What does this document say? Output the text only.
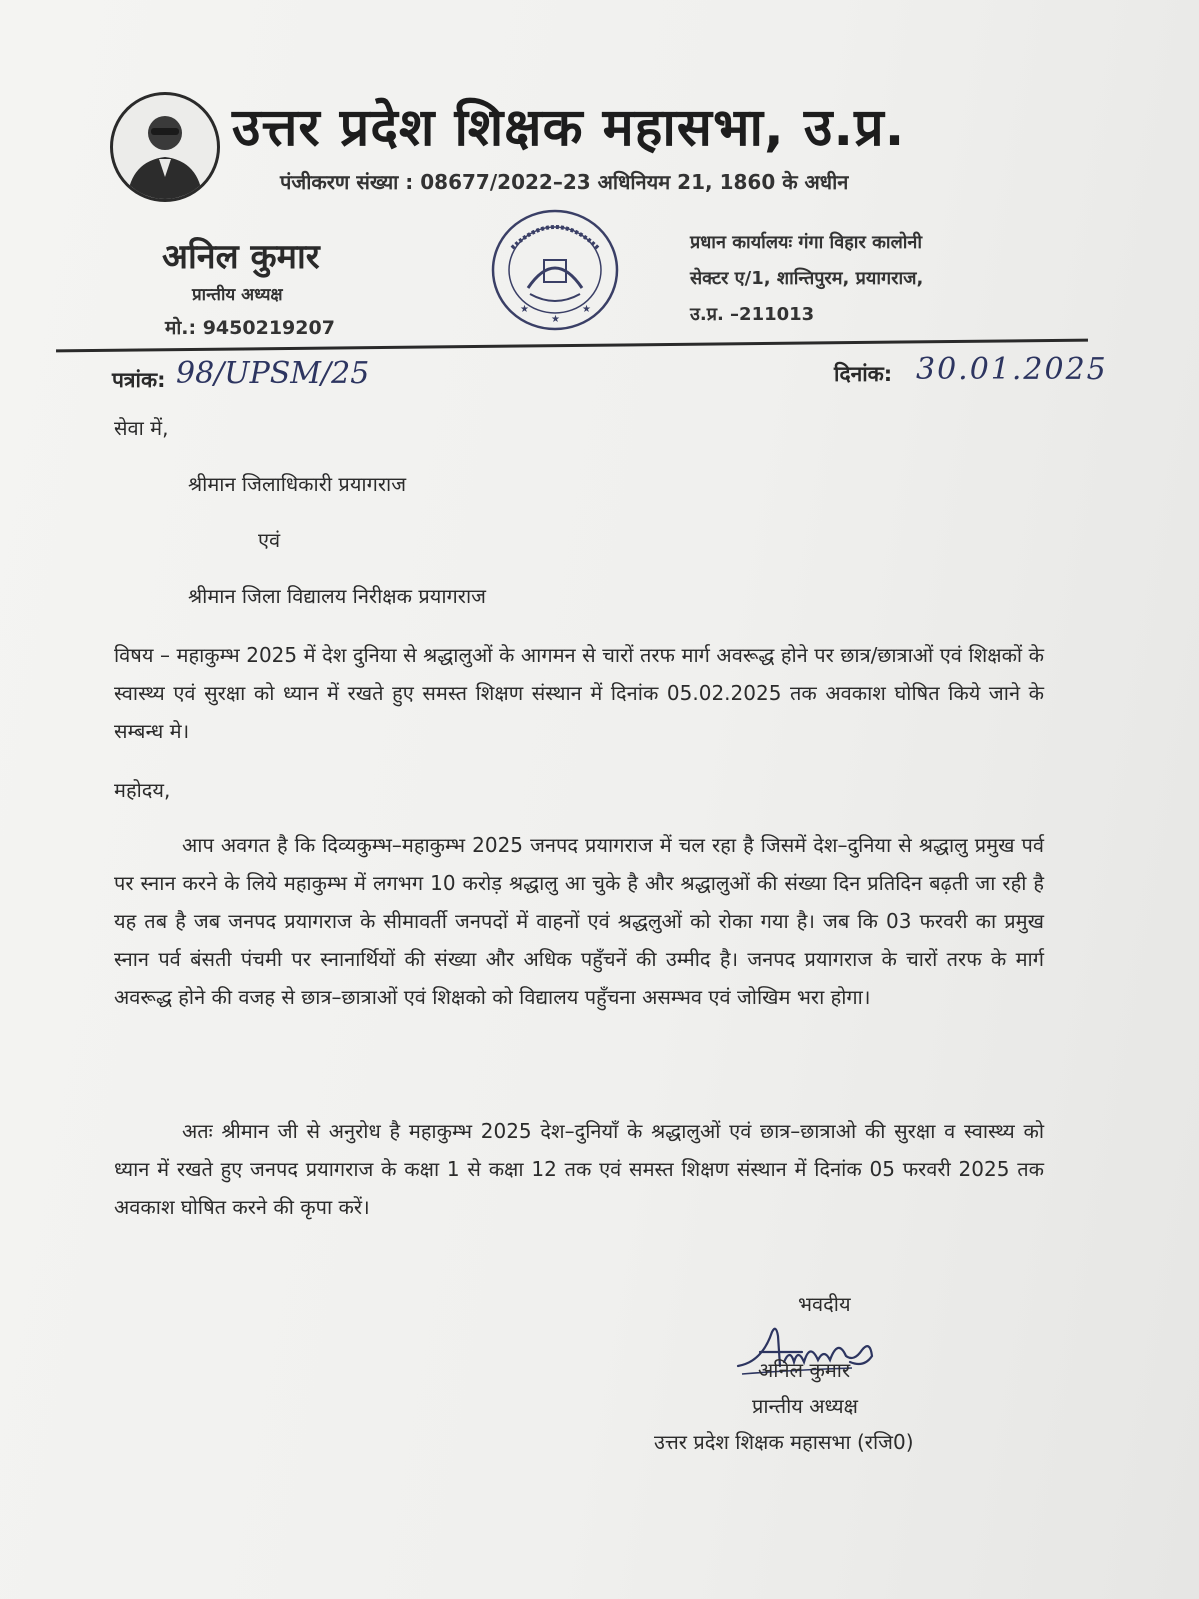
उत्तर प्रदेश शिक्षक महासभा, उ.प्र.
पंजीकरण संख्या : 08677/2022–23 अधिनियम 21, 1860 के अधीन
अनिल कुमार
प्रान्तीय अध्यक्ष
मो.: 9450219207
★
★
★
प्रधान कार्यालयः गंगा विहार कालोनी
सेक्टर ए/1, शान्तिपुरम, प्रयागराज,
उ.प्र. –211013
पत्रांक: 98/UPSM/25	दिनांक: 30.01.2025
सेवा में,
श्रीमान जिलाधिकारी प्रयागराज
एवं
श्रीमान जिला विद्यालय निरीक्षक प्रयागराज
विषय – महाकुम्भ 2025 में देश दुनिया से श्रद्धालुओं के आगमन से चारों तरफ मार्ग अवरूद्ध होने पर छात्र/छात्राओं एवं शिक्षकों के स्वास्थ्य एवं सुरक्षा को ध्यान में रखते हुए समस्त शिक्षण संस्थान में दिनांक 05.02.2025 तक अवकाश घोषित किये जाने के सम्बन्ध मे।
महोदय,
आप अवगत है कि दिव्यकुम्भ–महाकुम्भ 2025 जनपद प्रयागराज में चल रहा है जिसमें देश–दुनिया से श्रद्धालु प्रमुख पर्व पर स्नान करने के लिये महाकुम्भ में लगभग 10 करोड़ श्रद्धालु आ चुके है और श्रद्धालुओं की संख्या दिन प्रतिदिन बढ़ती जा रही है यह तब है जब जनपद प्रयागराज के सीमावर्ती जनपदों में वाहनों एवं श्रद्धलुओं को रोका गया है। जब कि 03 फरवरी का प्रमुख स्नान पर्व बंसती पंचमी पर स्नानार्थियों की संख्या और अधिक पहुँचनें की उम्मीद है। जनपद प्रयागराज के चारों तरफ के मार्ग अवरूद्ध होने की वजह से छात्र–छात्राओं एवं शिक्षको को विद्यालय पहुँचना असम्भव एवं जोखिम भरा होगा।
अतः श्रीमान जी से अनुरोध है महाकुम्भ 2025 देश–दुनियाँ के श्रद्धालुओं एवं छात्र–छात्राओ की सुरक्षा व स्वास्थ्य को ध्यान में रखते हुए जनपद प्रयागराज के कक्षा 1 से कक्षा 12 तक एवं समस्त शिक्षण संस्थान में दिनांक 05 फरवरी 2025 तक अवकाश घोषित करने की कृपा करें।
भवदीय
अनिल कुमार
प्रान्तीय अध्यक्ष
उत्तर प्रदेश शिक्षक महासभा (रजि0)
